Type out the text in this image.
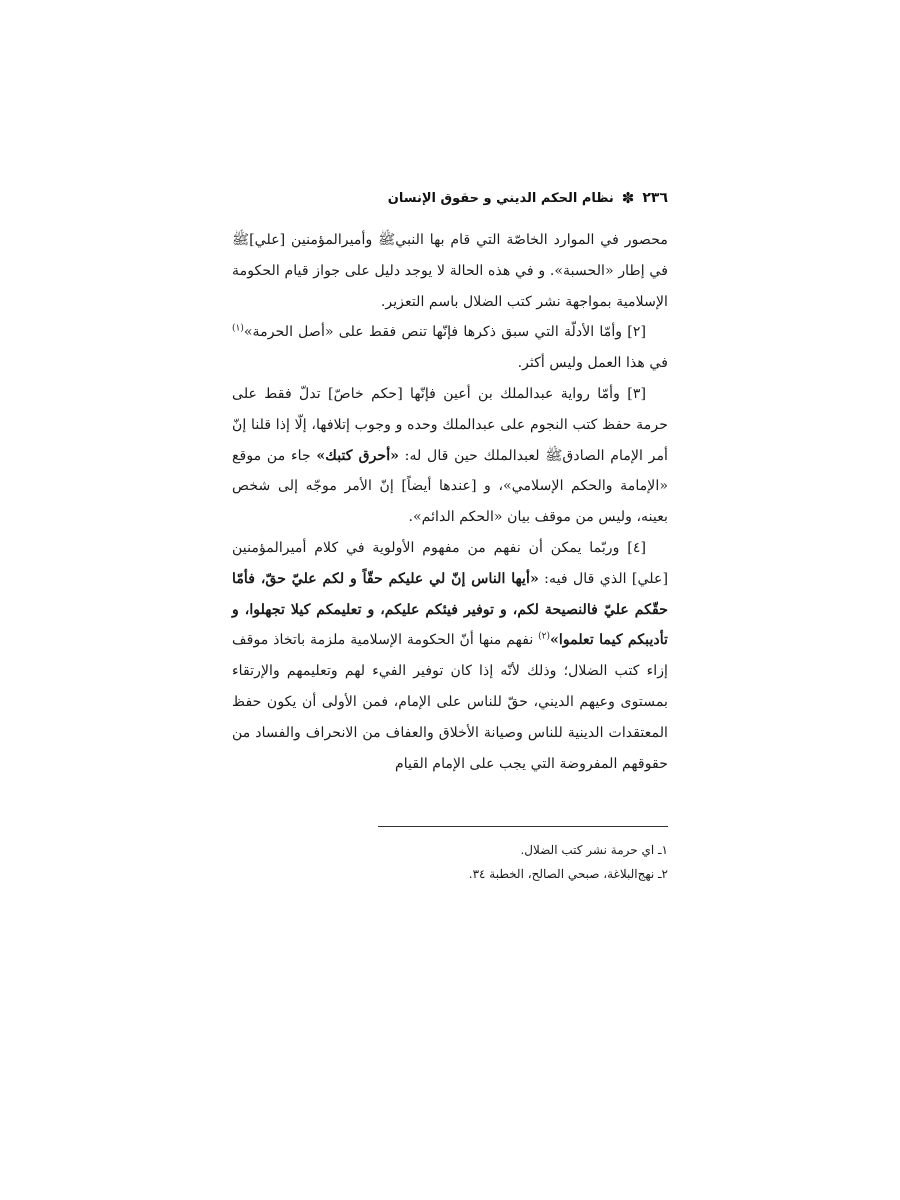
٢٣٦
✽
نظام الحكم الديني و حقوق الإنسان

محصور في الموارد الخاصّة التي قام بها النبيﷺ وأميرالمؤمنين [علي]ﷺ في إطار «الحسبة». و في هذه الحالة لا يوجد دليل على جواز قيام الحكومة الإسلامية بمواجهة نشر كتب الضلال باسم التعزير.

[٢] وأمّا الأدلّة التي سبق ذكرها فإنّها تنص فقط على «أصل الحرمة»$^{(١)}$ في هذا العمل وليس أكثر.

[٣] وأمّا رواية عبدالملك بن أعين فإنّها [حكم خاصّ] تدلّ فقط على حرمة حفظ كتب النجوم على عبدالملك وحده و وجوب إتلافها، إلّا إذا قلنا إنّ أمر الإمام الصادقﷺ لعبدالملك حين قال له: «أحرق كتبك» جاء من موقع «الإمامة والحكم الإسلامي»، و [عندها أيضاً] إنّ الأمر موجّه إلى شخص بعينه، وليس من موقف بيان «الحكم الدائم».

[٤] وربّما يمكن أن نفهم من مفهوم الأولوية في كلام أميرالمؤمنين [علي] الذي قال فيه: «أيها الناس إنّ لي عليكم حقّاً و لكم عليّ حقّ، فأمّا حقّكم عليّ فالنصيحة لكم، و توفير فيئكم عليكم، و تعليمكم كيلا تجهلوا، و تأديبكم كيما تعلموا»$^{(٢)}$ نفهم منها أنّ الحكومة الإسلامية ملزمة باتخاذ موقف إزاء كتب الضلال؛ وذلك لأنّه إذا كان توفير الفيء لهم وتعليمهم والإرتقاء بمستوى وعيهم الديني، حقّ للناس على الإمام، فمن الأولى أن يكون حفظ المعتقدات الدينية للناس وصيانة الأخلاق والعفاف من الانحراف والفساد من حقوقهم المفروضة التي يجب على الإمام القيام

١ـ اي حرمة نشر كتب الضلال.

٢ـ نهج‌البلاغة، صبحي الصالح، الخطبة ٣٤.
